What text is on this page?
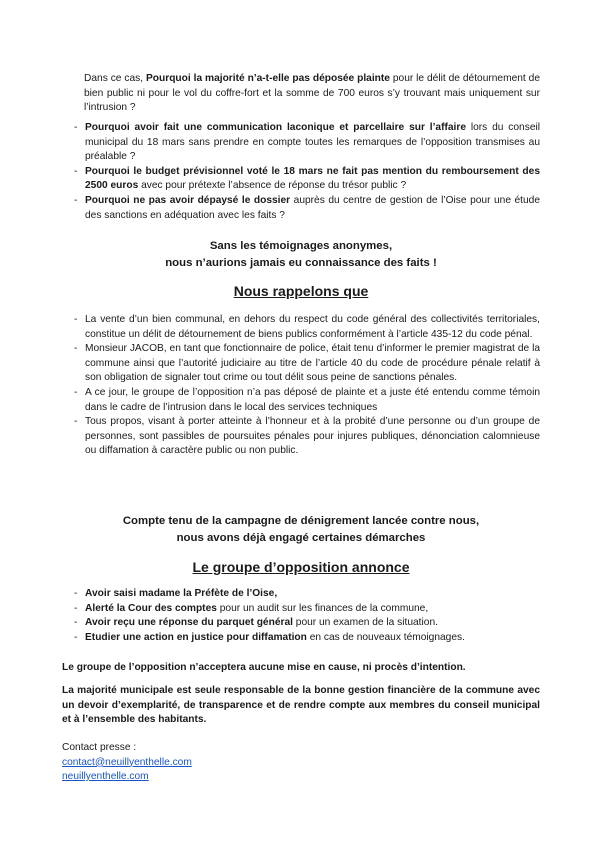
Dans ce cas, Pourquoi la majorité n’a-t-elle pas déposée plainte pour le délit de détournement de bien public ni pour le vol du coffre-fort et la somme de 700 euros s’y trouvant mais uniquement sur l’intrusion ?
- Pourquoi avoir fait une communication laconique et parcellaire sur l’affaire lors du conseil municipal du 18 mars sans prendre en compte toutes les remarques de l’opposition transmises au préalable ?
- Pourquoi le budget prévisionnel voté le 18 mars ne fait pas mention du remboursement des 2500 euros avec pour prétexte l’absence de réponse du trésor public ?
- Pourquoi ne pas avoir dépaysé le dossier auprès du centre de gestion de l’Oise pour une étude des sanctions en adéquation avec les faits ?
Sans les témoignages anonymes,
nous n’aurions jamais eu connaissance des faits !
Nous rappelons que
- La vente d’un bien communal, en dehors du respect du code général des collectivités territoriales, constitue un délit de détournement de biens publics conformément à l’article 435-12 du code pénal.
- Monsieur JACOB, en tant que fonctionnaire de police, était tenu d’informer le premier magistrat de la commune ainsi que l’autorité judiciaire au titre de l’article 40 du code de procédure pénale relatif à son obligation de signaler tout crime ou tout délit sous peine de sanctions pénales.
- A ce jour, le groupe de l’opposition n’a pas déposé de plainte et a juste été entendu comme témoin dans le cadre de l’intrusion dans le local des services techniques
- Tous propos, visant à porter atteinte à l’honneur et à la probité d’une personne ou d’un groupe de personnes, sont passibles de poursuites pénales pour injures publiques, dénonciation calomnieuse ou diffamation à caractère public ou non public.
Compte tenu de la campagne de dénigrement lancée contre nous,
nous avons déjà engagé certaines démarches
Le groupe d’opposition annonce
- Avoir saisi madame la Préfète de l’Oise,
- Alerté la Cour des comptes pour un audit sur les finances de la commune,
- Avoir reçu une réponse du parquet général pour un examen de la situation.
- Etudier une action en justice pour diffamation en cas de nouveaux témoignages.
Le groupe de l’opposition n’acceptera aucune mise en cause, ni procès d’intention.
La majorité municipale est seule responsable de la bonne gestion financière de la commune avec un devoir d’exemplarité, de transparence et de rendre compte aux membres du conseil municipal et à l’ensemble des habitants.
Contact presse :
contact@neuillyenthelle.com
neuillyenthelle.com
